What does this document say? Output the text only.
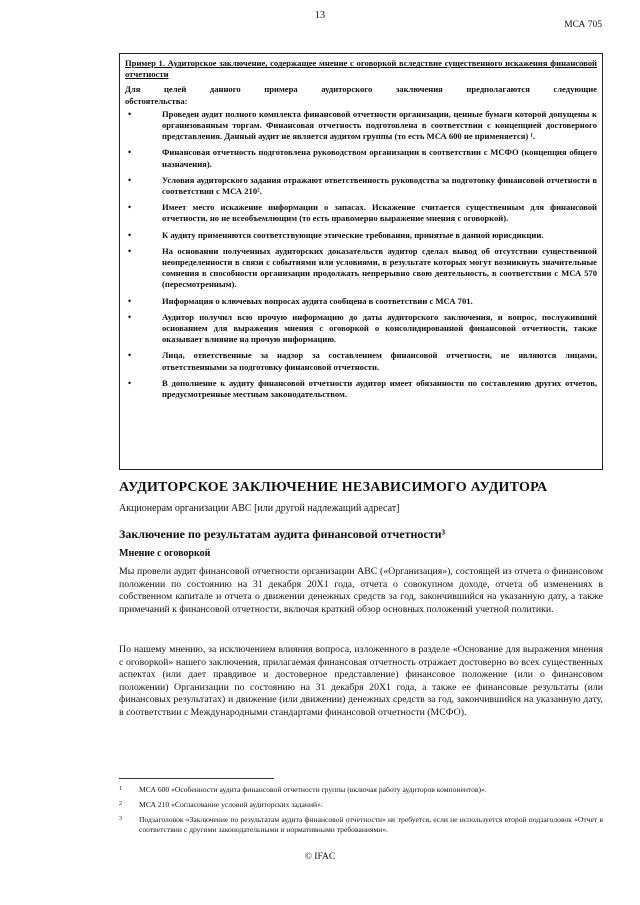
13
МСА 705
Пример 1. Аудиторское заключение, содержащее мнение с оговоркой вследствие существенного искажения финансовой отчетности
Для целей данного примера аудиторского заключения предполагаются следующие
обстоятельства:
•	Проведен аудит полного комплекта финансовой отчетности организации, ценные бумаги которой допущены к организованным торгам. Финансовая отчетность подготовлена в соответствии с концепцией достоверного представления. Данный аудит не является аудитом группы (то есть МСА 600 не применяется) ¹.
•	Финансовая отчетность подготовлена руководством организации в соответствии с МСФО (концепция общего назначения).
•	Условия аудиторского задания отражают ответственность руководства за подготовку финансовой отчетности в соответствии с МСА 210².
•	Имеет место искажение информации о запасах. Искажение считается существенным для финансовой отчетности, но не всеобъемлющим (то есть правомерно выражение мнения с оговоркой).
•	К аудиту применяются соответствующие этические требования, принятые в данной юрисдикции.
•	На основании полученных аудиторских доказательств аудитор сделал вывод об отсутствии существенной неопределенности в связи с событиями или условиями, в результате которых могут возникнуть значительные сомнения в способности организации продолжать непрерывно свою деятельность, в соответствии с МСА 570 (пересмотренным).
•	Информация о ключевых вопросах аудита сообщена в соответствии с МСА 701.
•	Аудитор получил всю прочую информацию до даты аудиторского заключения, и вопрос, послуживший основанием для выражения мнения с оговоркой о консолидированной финансовой отчетности, также оказывает влияние на прочую информацию.
•	Лица, ответственные за надзор за составлением финансовой отчетности, не являются лицами, ответственными за подготовку финансовой отчетности.
•	В дополнение к аудиту финансовой отчетности аудитор имеет обязанности по составлению других отчетов, предусмотренные местным законодательством.
АУДИТОРСКОЕ ЗАКЛЮЧЕНИЕ НЕЗАВИСИМОГО АУДИТОРА
Акционерам организации ABC [или другой надлежащий адресат]
Заключение по результатам аудита финансовой отчетности³
Мнение с оговоркой
Мы провели аудит финансовой отчетности организации ABC («Организация»), состоящей из отчета о финансовом положении по состоянию на 31 декабря 20X1 года, отчета о совокупном доходе, отчета об изменениях в собственном капитале и отчета о движении денежных средств за год, закончившийся на указанную дату, а также примечаний к финансовой отчетности, включая краткий обзор основных положений учетной политики.
По нашему мнению, за исключением влияния вопроса, изложенного в разделе «Основание для выражения мнения с оговоркой» нашего заключения, прилагаемая финансовая отчетность отражает достоверно во всех существенных аспектах (или дает правдивое и достоверное представление) финансовое положение (или о финансовом положении) Организации по состоянию на 31 декабря 20X1 года, а также ее финансовые результаты (или финансовых результатах) и движение (или движении) денежных средств за год, закончившийся на указанную дату, в соответствии с Международными стандартами финансовой отчетности (МСФО).
1 МСА 600 «Особенности аудита финансовой отчетности группы (включая работу аудиторов компонентов)».
2 МСА 210 «Согласование условий аудиторских заданий».
3 Подзаголовок «Заключение по результатам аудита финансовой отчетности» не требуется, если не используется второй подзаголовок «Отчет в соответствии с другими законодательными и нормативными требованиями».
© IFAC
